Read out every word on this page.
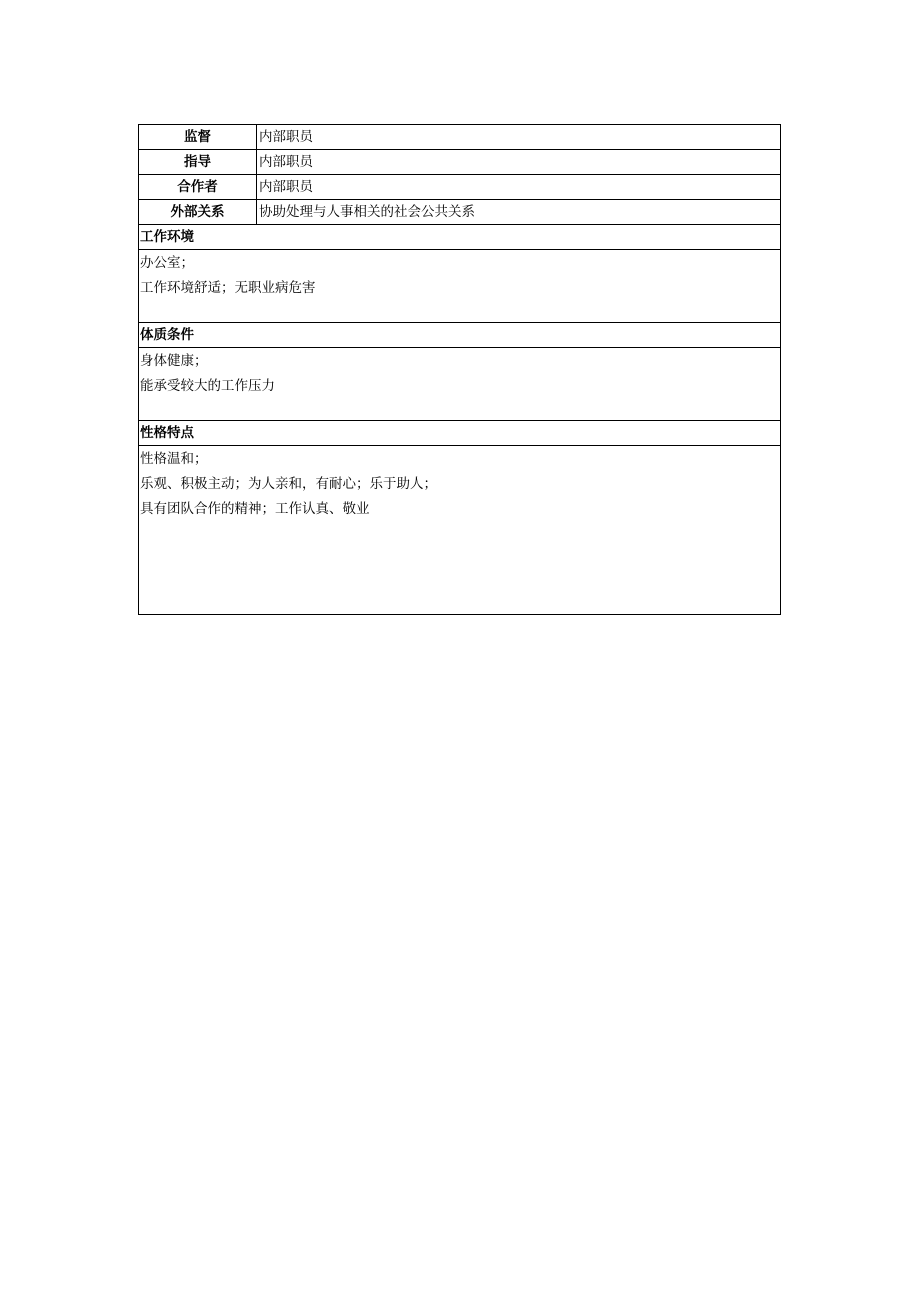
监督	内部职员
指导	内部职员
合作者	内部职员
外部关系	协助处理与人事相关的社会公共关系
工作环境
办公室；
工作环境舒适；无职业病危害
体质条件
身体健康；
能承受较大的工作压力
性格特点
性格温和；
乐观、积极主动；为人亲和，有耐心；乐于助人；
具有团队合作的精神；工作认真、敬业
